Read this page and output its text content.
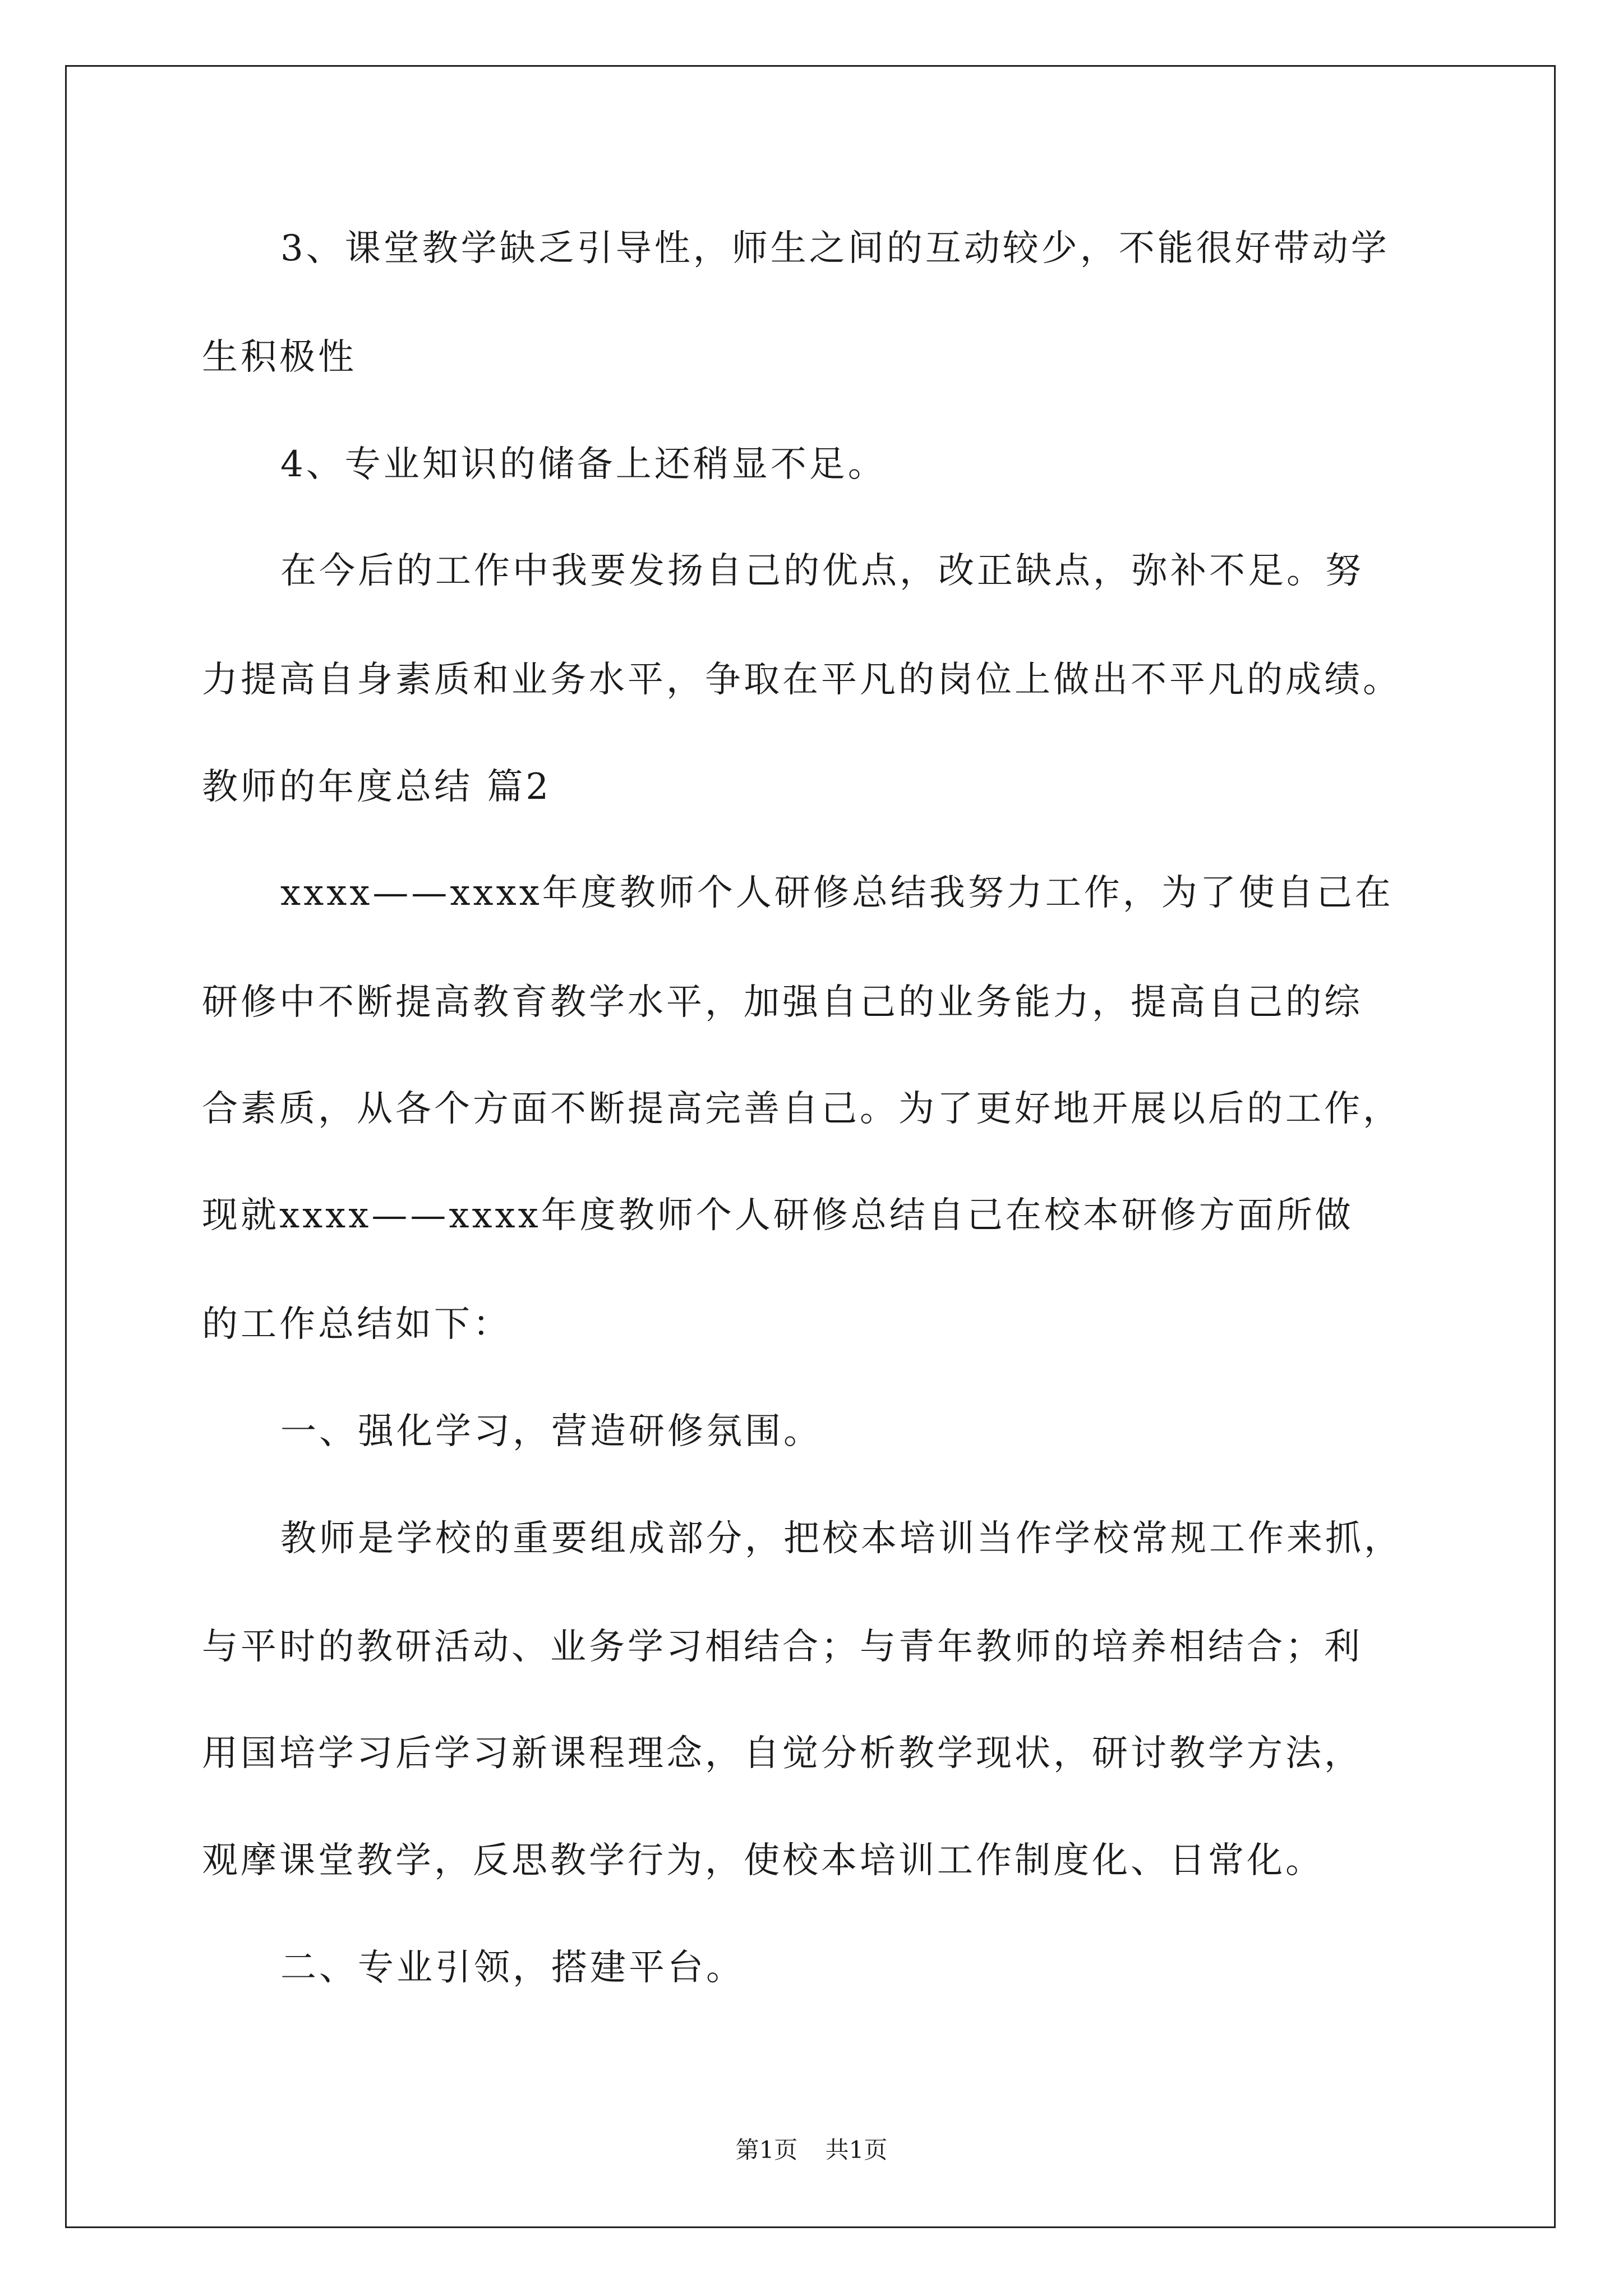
3、课堂教学缺乏引导性，师生之间的互动较少，不能很好带动学
生积极性
4、专业知识的储备上还稍显不足。
在今后的工作中我要发扬自己的优点，改正缺点，弥补不足。努
力提高自身素质和业务水平，争取在平凡的岗位上做出不平凡的成绩。
教师的年度总结 篇2
xxxx——xxxx年度教师个人研修总结我努力工作，为了使自己在
研修中不断提高教育教学水平，加强自己的业务能力，提高自己的综
合素质，从各个方面不断提高完善自己。为了更好地开展以后的工作，
现就xxxx——xxxx年度教师个人研修总结自己在校本研修方面所做
的工作总结如下：
一、强化学习，营造研修氛围。
教师是学校的重要组成部分，把校本培训当作学校常规工作来抓，
与平时的教研活动、业务学习相结合；与青年教师的培养相结合；利
用国培学习后学习新课程理念，自觉分析教学现状，研讨教学方法，
观摩课堂教学，反思教学行为，使校本培训工作制度化、日常化。
二、专业引领，搭建平台。
第1页 共1页
